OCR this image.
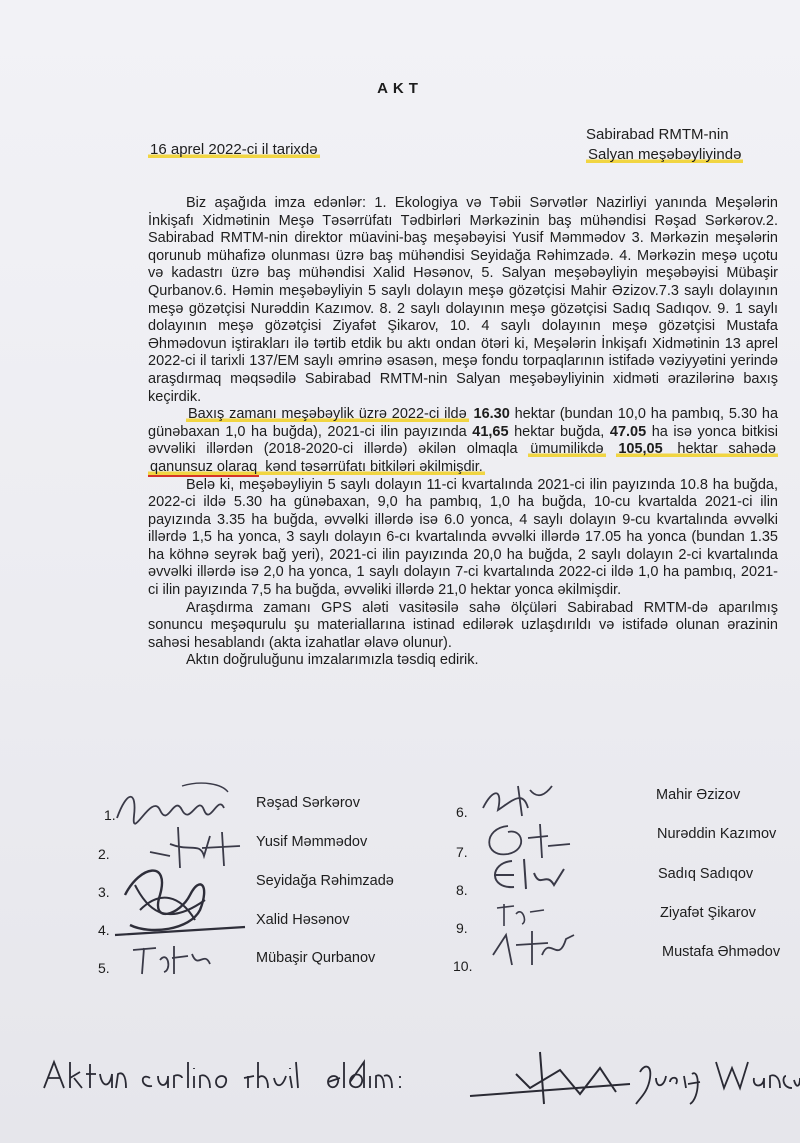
AKT
16 aprel 2022-ci il tarixdə
Sabirabad RMTM-nin
Salyan meşəbəyliyində

Biz aşağıda imza edənlər: 1. Ekologiya və Təbii Sərvətlər Nazirliyi yanında Meşələrin İnkişafı Xidmətinin Meşə Təsərrüfatı Tədbirləri Mərkəzinin baş mühəndisi Rəşad Sərkərov.2. Sabirabad RMTM-nin direktor müavini-baş meşəbəyisi Yusif Məmmədov 3. Mərkəzin meşələrin qorunub mühafizə olunması üzrə baş mühəndisi Seyidağa Rəhimzadə. 4. Mərkəzin meşə uçotu və kadastrı üzrə baş mühəndisi Xalid Həsənov, 5. Salyan meşəbəyliyin meşəbəyisi Mübaşir Qurbanov.6. Həmin meşəbəyliyin 5 saylı dolayın meşə gözətçisi Mahir Əzizov.7.3 saylı dolayının meşə gözətçisi Nurəddin Kazımov. 8. 2 saylı dolayının meşə gözətçisi Sadıq Sadıqov. 9. 1 saylı dolayının meşə gözətçisi Ziyafət Şikarov, 10. 4 saylı dolayının meşə gözətçisi Mustafa Əhmədovun iştirakları ilə tərtib etdik bu aktı ondan ötəri ki, Meşələrin İnkişafı Xidmətinin 13 aprel 2022-ci il tarixli 137/EM saylı əmrinə əsasən, meşə fondu torpaqlarının istifadə vəziyyətini yerində araşdırmaq məqsədilə Sabirabad RMTM-nin Salyan meşəbəyliyinin xidməti ərazilərinə baxış keçirdik.

Baxış zamanı meşəbəylik üzrə 2022-ci ildə 16.30 hektar (bundan 10,0 ha pambıq, 5.30 ha günəbaxan 1,0 ha buğda), 2021-ci ilin payızında 41,65 hektar buğda, 47.05 ha isə yonca bitkisi əvvəliki illərdən (2018-2020-ci illərdə) əkilən olmaqla ümumilikdə 105,05 hektar sahədə qanunsuz olaraq kənd təsərrüfatı bitkiləri əkilmişdir.

Belə ki, meşəbəyliyin 5 saylı dolayın 11-ci kvartalında 2021-ci ilin payızında 10.8 ha buğda, 2022-ci ildə 5.30 ha günəbaxan, 9,0 ha pambıq, 1,0 ha buğda, 10-cu kvartalda 2021-ci ilin payızında 3.35 ha buğda, əvvəlki illərdə isə 6.0 yonca, 4 saylı dolayın 9-cu kvartalında əvvəlki illərdə 1,5 ha yonca, 3 saylı dolayın 6-cı kvartalında əvvəlki illərdə 17.05 ha yonca (bundan 1.35 ha köhnə seyrək bağ yeri), 2021-ci ilin payızında 20,0 ha buğda, 2 saylı dolayın 2-ci kvartalında əvvəlki illərdə isə 2,0 ha yonca, 1 saylı dolayın 7-ci kvartalında 2022-ci ildə 1,0 ha pambıq, 2021-ci ilin payızında 7,5 ha buğda, əvvəliki illərdə 21,0 hektar yonca əkilmişdir.

Araşdırma zamanı GPS aləti vasitəsilə sahə ölçüləri Sabirabad RMTM-də aparılmış sonuncu meşəqurulu şu materiallarına istinad edilərək uzlaşdırıldı və istifadə olunan ərazinin sahəsi hesablandı (akta izahatlar əlavə olunur).

Aktın doğruluğunu imzalarımızla təsdiq edirik.

1.
Rəşad Sərkərov
2.
Yusif Məmmədov
3.
Seyidağa Rəhimzadə
4.
Xalid Həsənov
5.
Mübaşir Qurbanov
6.
Mahir Əzizov
7.
Nurəddin Kazımov
8.
Sadıq Sadıqov
9.
Ziyafət Şikarov
10.
Mustafa Əhmədov
